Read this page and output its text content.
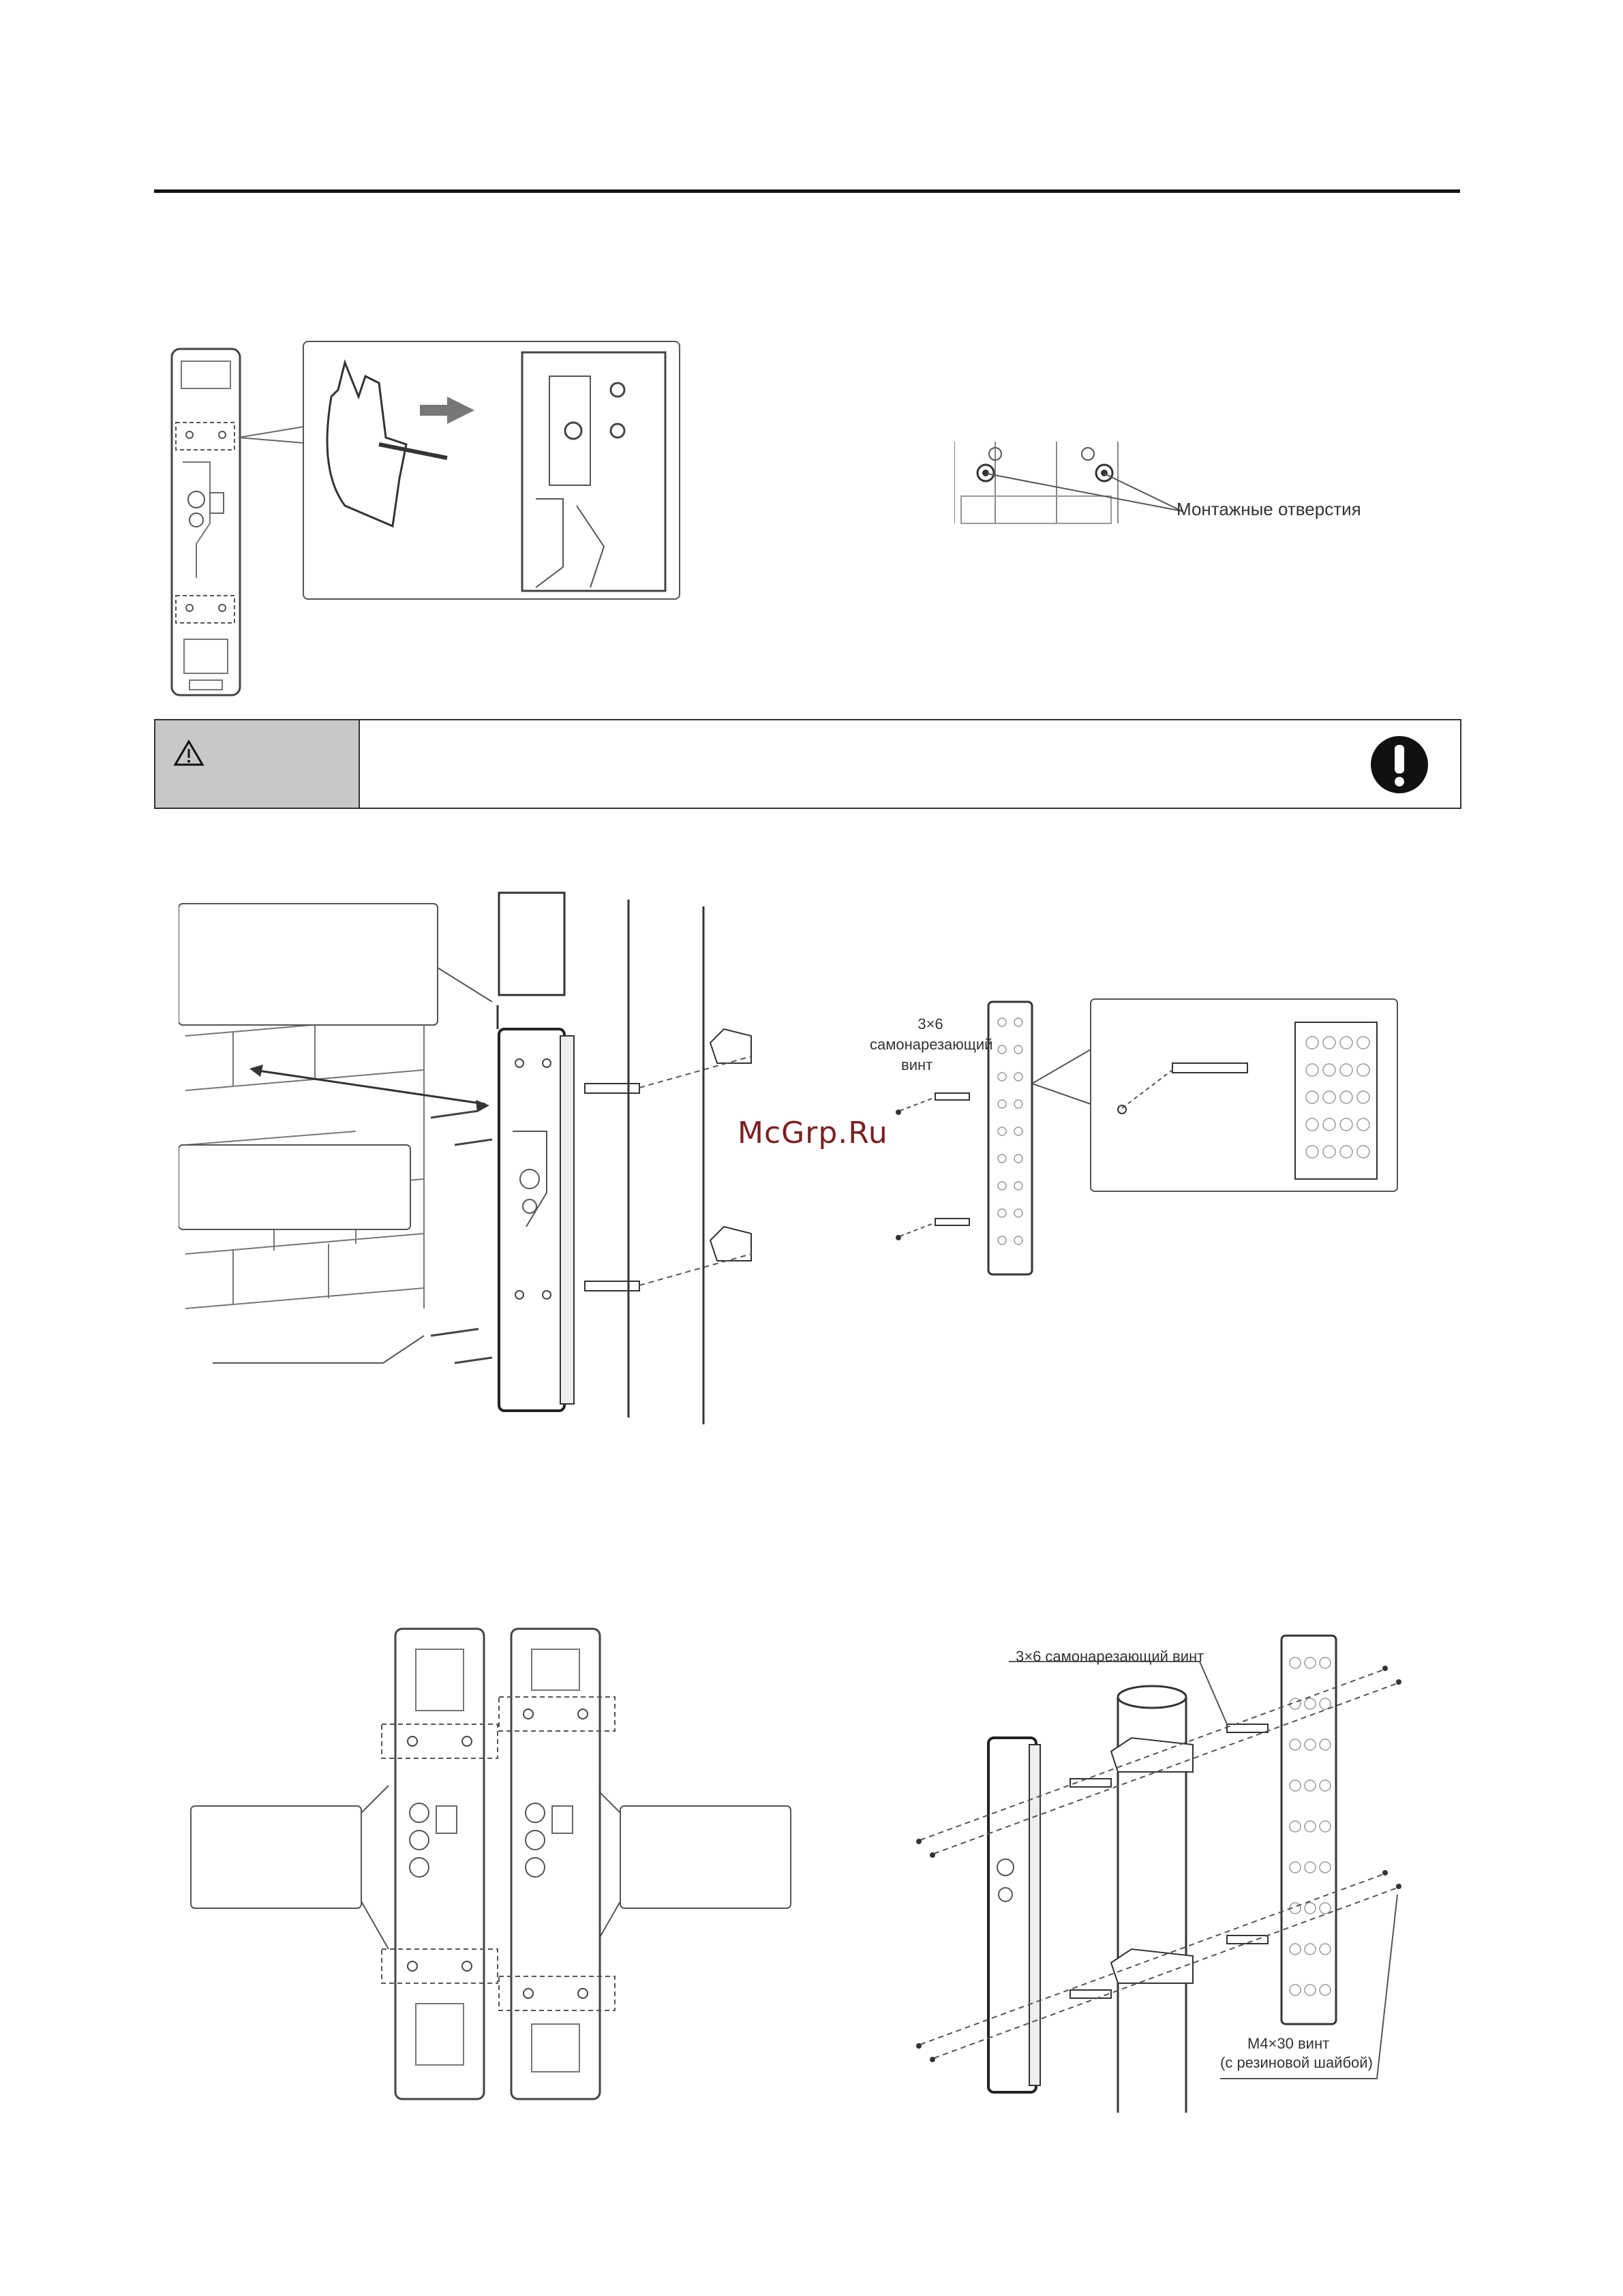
Монтажные отверстия
McGrp.Ru
3×6
самонарезающий
винт
3×6 самонарезающий винт
M4×30 винт
(с резиновой шайбой)
